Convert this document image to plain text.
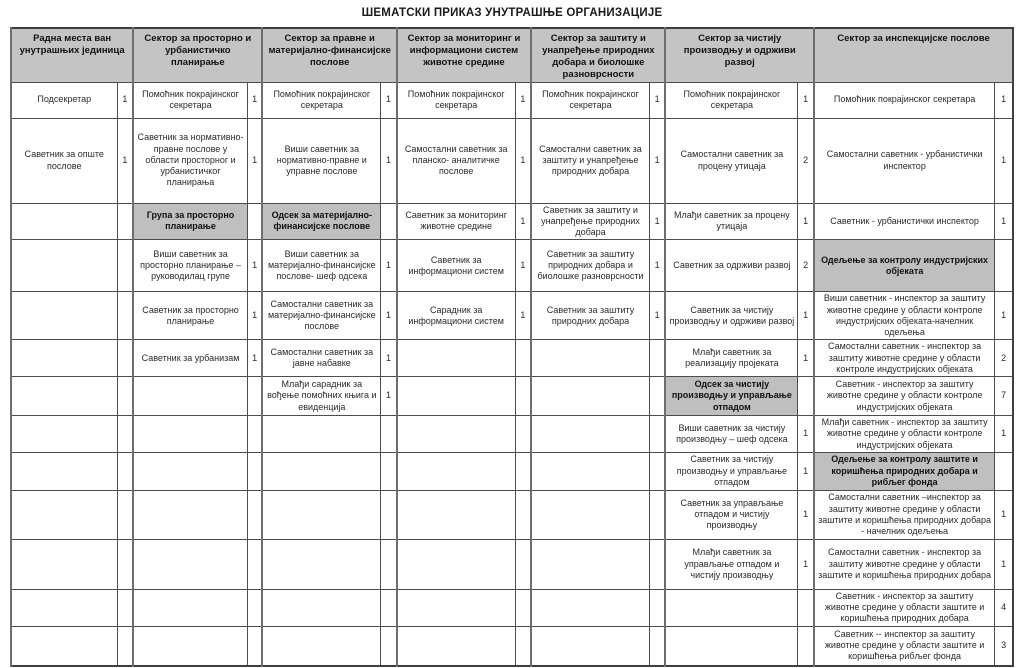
ШЕМАТСКИ ПРИКАЗ УНУТРАШЊЕ ОРГАНИЗАЦИЈЕ
Радна места ван унутрашњих јединица		Сектор за просторно и урбанистичко планирање		Сектор за правне и материјално-финансијске послове		Сектор за мониторинг и информациони систем животне средине		Сектор за заштиту и унапређење природних добара и биолошке разноврсности		Сектор за чистију производњу и одрживи развој		Сектор за инспекцијске послове	
Подсекретар	1	Помоћник покрајинског секретара	1	Помоћник покрајинског секретара	1	Помоћник покрајинског секретара	1	Помоћник покрајинског секретара	1	Помоћник покрајинског секретара	1	Помоћник покрајинског секретара	1
Саветник за опште послове	1	Саветник за нормативно- правне послове у области просторног и урбанистичког планирања	1	Виши саветник за нормативно-правне и управне послове	1	Самостални саветник за планско- аналитичке послове	1	Самостални саветник за заштиту и унапређење природних добара	1	Самостални саветник за процену утицаја	2	Самостални саветник - урбанистички инспектор	1
		Група за просторно планирање		Одсек за материјално-финансијске послове		Саветник за мониторинг животне средине	1	Саветник за заштиту и унапређење природних добара	1	Млађи саветник за процену утицаја	1	Саветник - урбанистички инспектор	1
		Виши саветник за просторно планирање – руководилац групе	1	Виши саветник за материјално-финансијске послове- шеф одсека	1	Саветник за информациони систем	1	Саветник за заштиту природних добара и биолошке разноврсности	1	Саветник за одрживи развој	2	Одељење за контролу индустријских објеката	
		Саветник за просторно планирање	1	Самостални саветник за материјално-финансијске послове	1	Сарадник за информациони систем	1	Саветник за заштиту природних добара	1	Саветник за чистију производњу и одрживи развој	1	Виши саветник - инспектор за заштиту животне средине у области контроле индустријских објеката-начелник одељења	1
		Саветник за урбанизам	1	Самостални саветник за јавне набавке	1					Млађи саветник за реализацију пројеката	1	Самостални саветник - инспектор за заштиту животне средине у области контроле индустријских објеката	2
				Млађи сарадник за вођење помоћних књига и евиденција	1					Одсек за чистију производњу и управљање отпадом		Саветник - инспектор за заштиту животне средине у области контроле индустријских објеката	7
										Виши саветник за чистију производњу – шеф одсека	1	Млађи саветник - инспектор за заштиту животне средине у области контроле индустријских објеката	1
										Саветник за чистију производњу и управљање отпадом	1	Одељење за контролу заштите и коришћења природних добара и рибљег фонда	
										Саветник за управљање отпадом и чистију производњу	1	Самостални саветник –инспектор за заштиту животне средине у области заштите и коришћења природних добара - начелник одељења	1
										Млађи саветник за управљање отпадом и чистију производњу	1	Самостални саветник - инспектор за заштиту животне средине у области заштите и коришћења природних добара	1
												Саветник - инспектор за заштиту животне средине у области заштите и коришћења природних добара	4
												Саветник -- инспектор за заштиту животне средине у области заштите и коришћења рибљег фонда	3
